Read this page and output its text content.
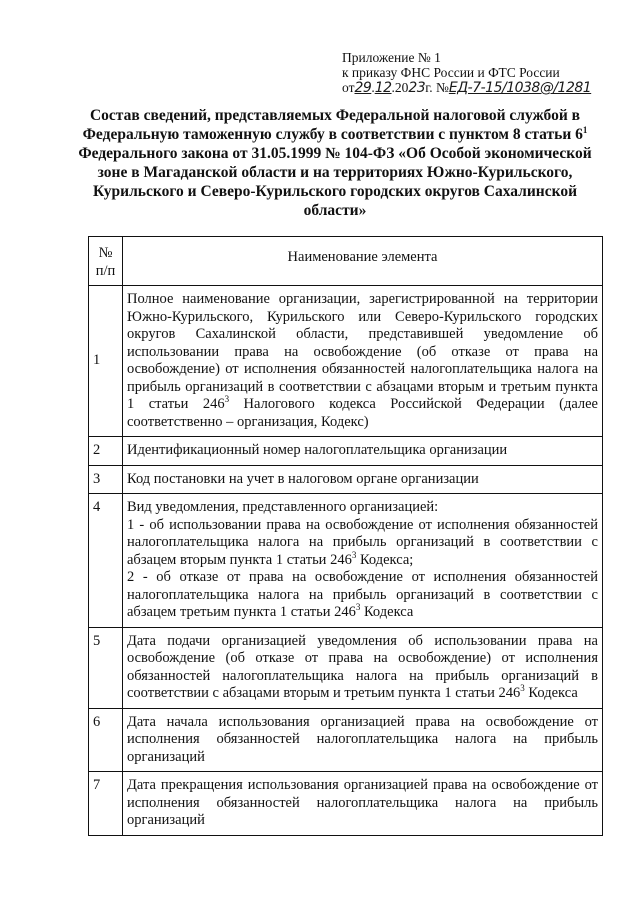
Приложение № 1
к приказу ФНС России и ФТС России
от29.12.2023г. №ЕД-7-15/1038@/1281
Состав сведений, представляемых Федеральной налоговой службой в Федеральную таможенную службу в соответствии с пунктом 8 статьи $6^1$ Федерального закона от 31.05.1999 № 104-ФЗ «Об Особой экономической зоне в Магаданской области и на территориях Южно-Курильского, Курильского и Северо-Курильского городских округов Сахалинской области»
№ п/п	Наименование элемента
1	Полное наименование организации, зарегистрированной на территории Южно-Курильского, Курильского или Северо-Курильского городских округов Сахалинской области, представившей уведомление об использовании права на освобождение (об отказе от права на освобождение) от исполнения обязанностей налогоплательщика налога на прибыль организаций в соответствии с абзацами вторым и третьим пункта 1 статьи $246^3$ Налогового кодекса Российской Федерации (далее соответственно – организация, Кодекс)
2	Идентификационный номер налогоплательщика организации
3	Код постановки на учет в налоговом органе организации
4	Вид уведомления, представленного организацией:
1 - об использовании права на освобождение от исполнения обязанностей налогоплательщика налога на прибыль организаций в соответствии с абзацем вторым пункта 1 статьи $246^3$ Кодекса;
2 - об отказе от права на освобождение от исполнения обязанностей налогоплательщика налога на прибыль организаций в соответствии с абзацем третьим пункта 1 статьи $246^3$ Кодекса

5	Дата подачи организацией уведомления об использовании права на освобождение (об отказе от права на освобождение) от исполнения обязанностей налогоплательщика налога на прибыль организаций в соответствии с абзацами вторым и третьим пункта 1 статьи $246^3$ Кодекса
6	Дата начала использования организацией права на освобождение от исполнения обязанностей налогоплательщика налога на прибыль организаций
7	Дата прекращения использования организацией права на освобождение от исполнения обязанностей налогоплательщика налога на прибыль организаций
